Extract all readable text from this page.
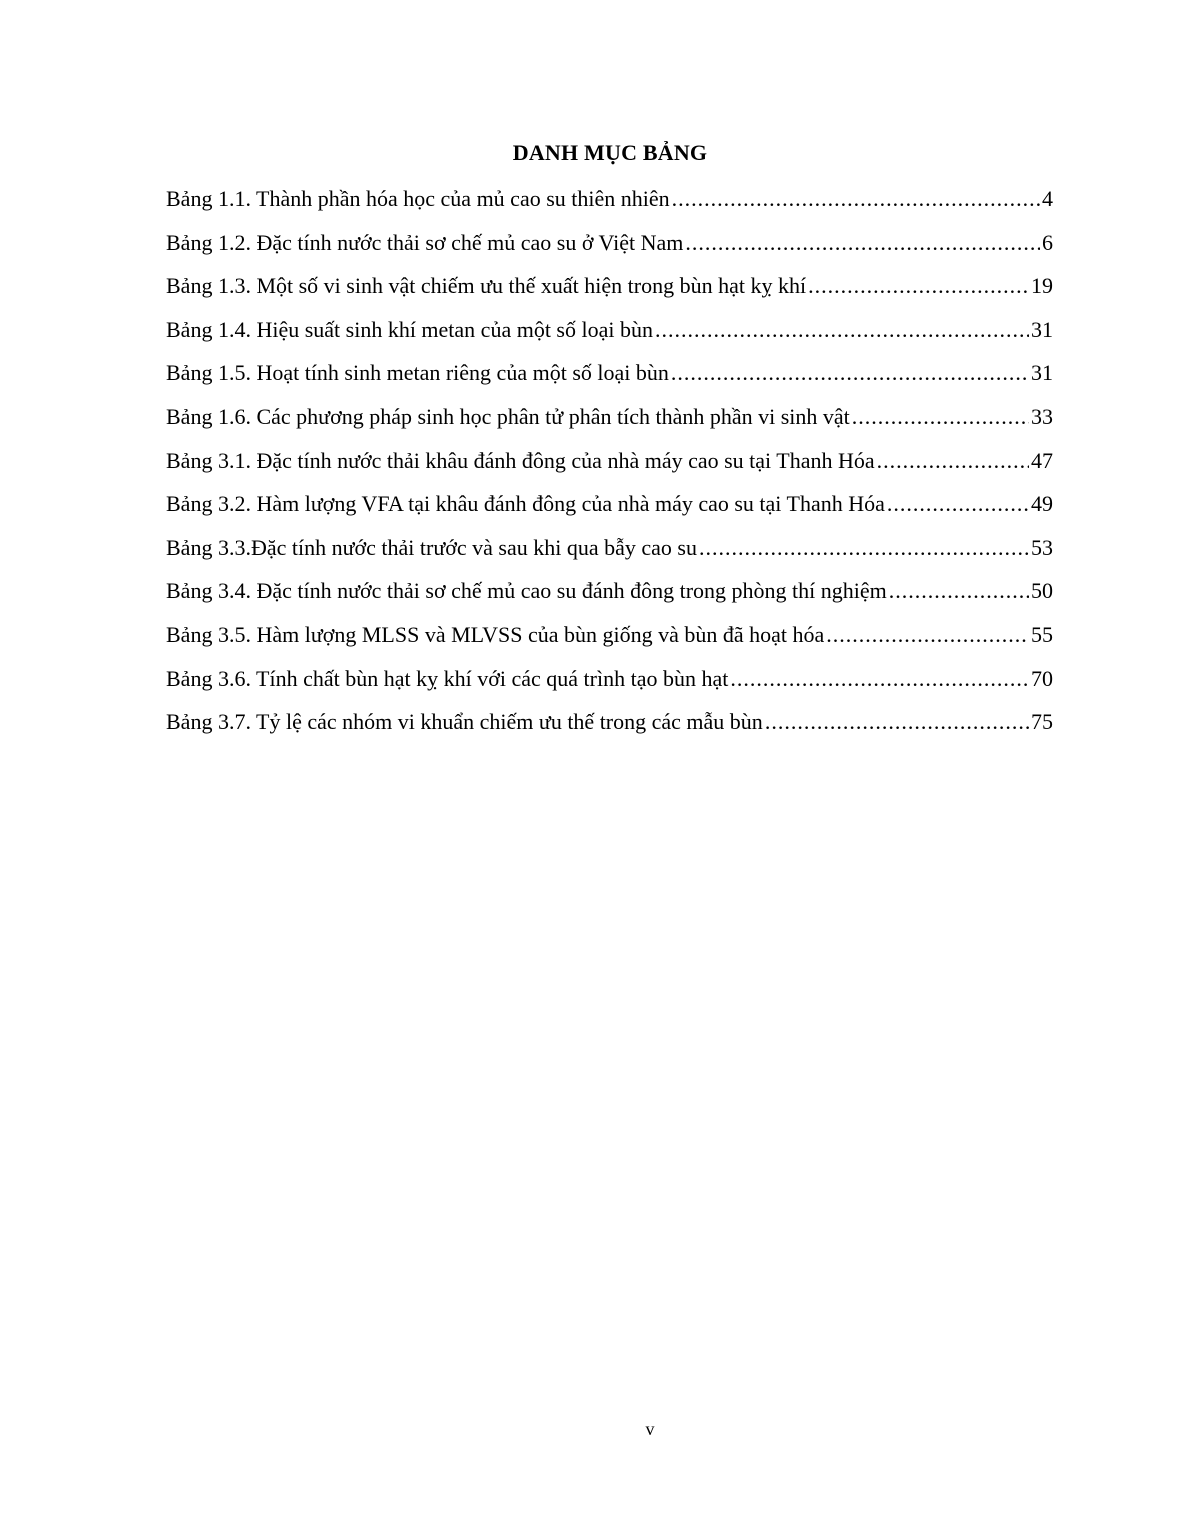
DANH MỤC BẢNG
Bảng 1.1. Thành phần hóa học của mủ cao su thiên nhiên .....	4
Bảng 1.2. Đặc tính nước thải sơ chế mủ cao su ở Việt Nam .....	6
Bảng 1.3. Một số vi sinh vật chiếm ưu thế xuất hiện trong bùn hạt kỵ khí .....	19
Bảng 1.4. Hiệu suất sinh khí metan của một số loại bùn .....	31
Bảng 1.5. Hoạt tính sinh metan riêng của một số loại bùn .....	31
Bảng 1.6. Các phương pháp sinh học phân tử phân tích thành phần vi sinh vật .....	33
Bảng 3.1. Đặc tính nước thải khâu đánh đông của nhà máy cao su tại Thanh Hóa .....	47
Bảng 3.2. Hàm lượng VFA tại khâu đánh đông của nhà máy cao su tại Thanh Hóa .....	49
Bảng 3.3.Đặc tính nước thải trước và sau khi qua bẫy cao su .....	53
Bảng 3.4. Đặc tính nước thải sơ chế mủ cao su đánh đông trong phòng thí nghiệm .....	50
Bảng 3.5. Hàm lượng MLSS và MLVSS của bùn giống và bùn đã hoạt hóa .....	55
Bảng 3.6. Tính chất bùn hạt kỵ khí với các quá trình tạo bùn hạt .....	70
Bảng 3.7. Tỷ lệ các nhóm vi khuẩn chiếm ưu thế trong các mẫu bùn .....	75
v
